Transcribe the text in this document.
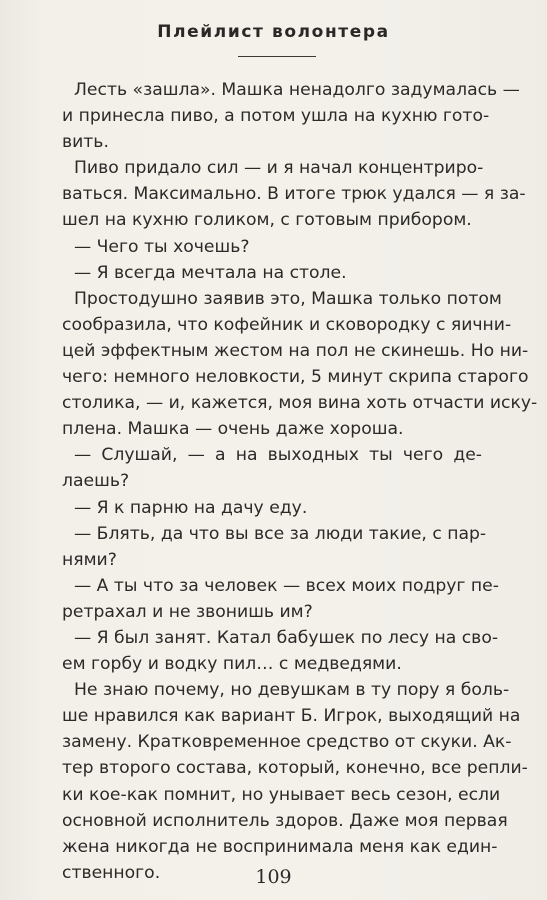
Плейлист волонтера
Лесть «зашла». Машка ненадолго задумалась —
и принесла пиво, а потом ушла на кухню гото-
вить.
Пиво придало сил — и я начал концентриро-
ваться. Максимально. В итоге трюк удался — я за-
шел на кухню голиком, с готовым прибором.
— Чего ты хочешь?
— Я всегда мечтала на столе.
Простодушно заявив это, Машка только потом
сообразила, что кофейник и сковородку с яични-
цей эффектным жестом на пол не скинешь. Но ни-
чего: немного неловкости, 5 минут скрипа старого
столика, — и, кажется, моя вина хоть отчасти иску-
плена. Машка — очень даже хороша.
— Слушай, — а на выходных ты чего де-
лаешь?
— Я к парню на дачу еду.
— Блять, да что вы все за люди такие, с пар-
нями?
— А ты что за человек — всех моих подруг пе-
ретрахал и не звонишь им?
— Я был занят. Катал бабушек по лесу на сво-
ем горбу и водку пил… с медведями.
Не знаю почему, но девушкам в ту пору я боль-
ше нравился как вариант Б. Игрок, выходящий на
замену. Кратковременное средство от скуки. Ак-
тер второго состава, который, конечно, все репли-
ки кое-как помнит, но унывает весь сезон, если
основной исполнитель здоров. Даже моя первая
жена никогда не воспринимала меня как един-
ственного.	109
